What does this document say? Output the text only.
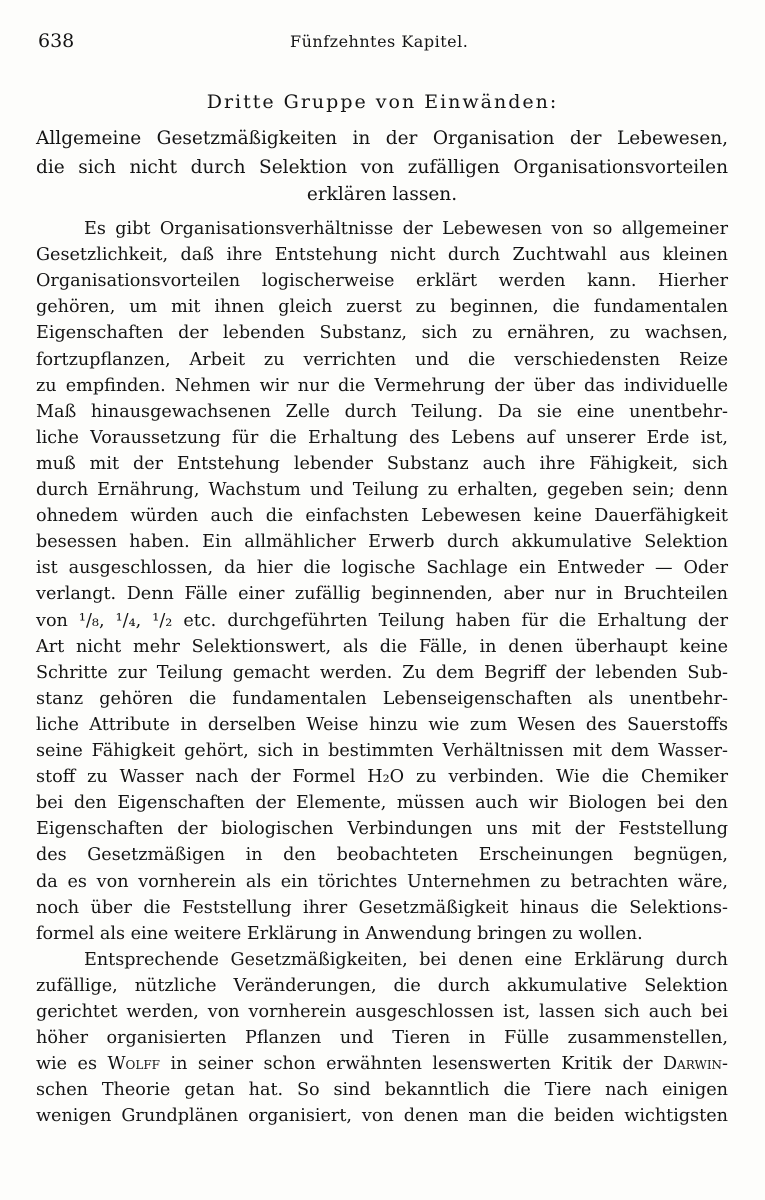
638	Fünfzehntes Kapitel.
Dritte Gruppe von Einwänden:
Allgemeine Gesetzmäßigkeiten in der Organisation der Lebewesen,
die sich nicht durch Selektion von zufälligen Organisationsvorteilen
erklären lassen.
Es gibt Organisationsverhältnisse der Lebewesen von so allgemeiner
Gesetzlichkeit, daß ihre Entstehung nicht durch Zuchtwahl aus kleinen
Organisationsvorteilen logischerweise erklärt werden kann. Hierher
gehören, um mit ihnen gleich zuerst zu beginnen, die fundamentalen
Eigenschaften der lebenden Substanz, sich zu ernähren, zu wachsen,
fortzupflanzen, Arbeit zu verrichten und die verschiedensten Reize
zu empfinden. Nehmen wir nur die Vermehrung der über das individuelle
Maß hinausgewachsenen Zelle durch Teilung. Da sie eine unentbehr-
liche Voraussetzung für die Erhaltung des Lebens auf unserer Erde ist,
muß mit der Entstehung lebender Substanz auch ihre Fähigkeit, sich
durch Ernährung, Wachstum und Teilung zu erhalten, gegeben sein; denn
ohnedem würden auch die einfachsten Lebewesen keine Dauerfähigkeit
besessen haben. Ein allmählicher Erwerb durch akkumulative Selektion
ist ausgeschlossen, da hier die logische Sachlage ein Entweder — Oder
verlangt. Denn Fälle einer zufällig beginnenden, aber nur in Bruchteilen
von ¹/₈, ¹/₄, ¹/₂ etc. durchgeführten Teilung haben für die Erhaltung der
Art nicht mehr Selektionswert, als die Fälle, in denen überhaupt keine
Schritte zur Teilung gemacht werden. Zu dem Begriff der lebenden Sub-
stanz gehören die fundamentalen Lebenseigenschaften als unentbehr-
liche Attribute in derselben Weise hinzu wie zum Wesen des Sauerstoffs
seine Fähigkeit gehört, sich in bestimmten Verhältnissen mit dem Wasser-
stoff zu Wasser nach der Formel H₂O zu verbinden. Wie die Chemiker
bei den Eigenschaften der Elemente, müssen auch wir Biologen bei den
Eigenschaften der biologischen Verbindungen uns mit der Feststellung
des Gesetzmäßigen in den beobachteten Erscheinungen begnügen,
da es von vornherein als ein törichtes Unternehmen zu betrachten wäre,
noch über die Feststellung ihrer Gesetzmäßigkeit hinaus die Selektions-
formel als eine weitere Erklärung in Anwendung bringen zu wollen.
Entsprechende Gesetzmäßigkeiten, bei denen eine Erklärung durch
zufällige, nützliche Veränderungen, die durch akkumulative Selektion
gerichtet werden, von vornherein ausgeschlossen ist, lassen sich auch bei
höher organisierten Pflanzen und Tieren in Fülle zusammenstellen,
wie es Wolff in seiner schon erwähnten lesenswerten Kritik der Darwin-
schen Theorie getan hat. So sind bekanntlich die Tiere nach einigen
wenigen Grundplänen organisiert, von denen man die beiden wichtigsten
